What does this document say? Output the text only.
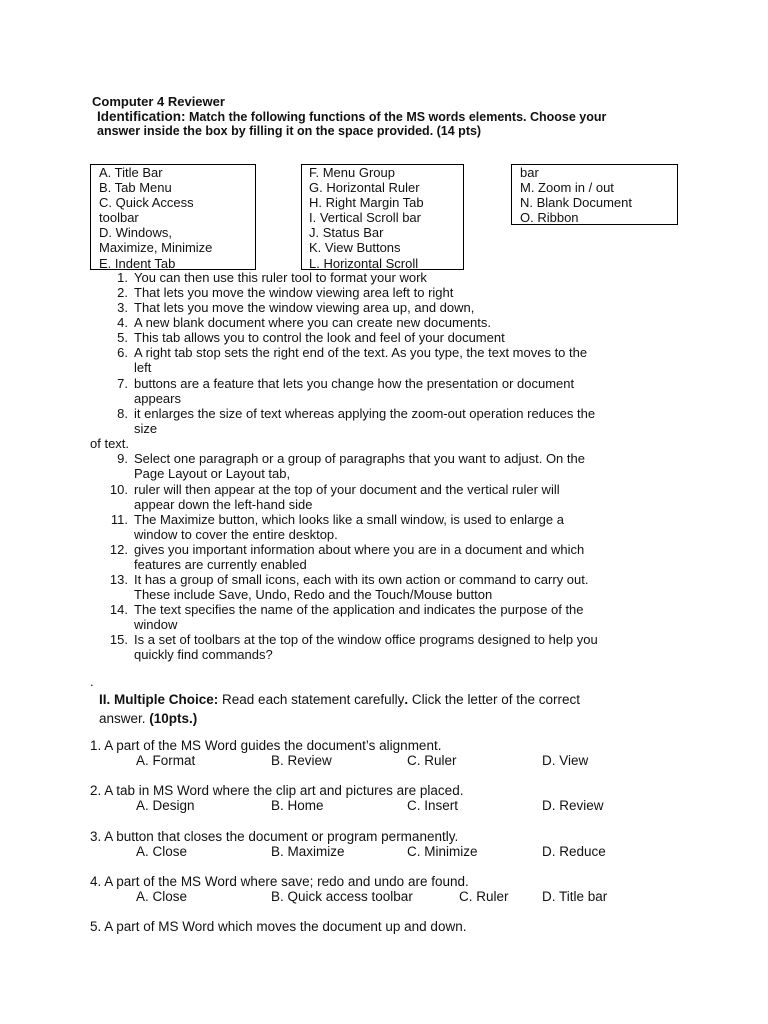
Computer 4 Reviewer
Identification: Match the following functions of the MS words elements. Choose your
answer inside the box by filling it on the space provided. (14 pts)
A. Title Bar
B. Tab Menu
C. Quick Access
toolbar
D. Windows,
Maximize, Minimize
E. Indent Tab
F. Menu Group
G. Horizontal Ruler
H. Right Margin Tab
I. Vertical Scroll bar
J. Status Bar
K. View Buttons
L. Horizontal Scroll
bar
M. Zoom in / out
N. Blank Document
O. Ribbon
1. You can then use this ruler tool to format your work
2. That lets you move the window viewing area left to right
3. That lets you move the window viewing area up, and down,
4. A new blank document where you can create new documents.
5. This tab allows you to control the look and feel of your document
6. A right tab stop sets the right end of the text. As you type, the text moves to the
left
7. buttons are a feature that lets you change how the presentation or document
appears
8. it enlarges the size of text whereas applying the zoom-out operation reduces the
size
of text.
9. Select one paragraph or a group of paragraphs that you want to adjust. On the
Page Layout or Layout tab,
10. ruler will then appear at the top of your document and the vertical ruler will
appear down the left-hand side
11. The Maximize button, which looks like a small window, is used to enlarge a
window to cover the entire desktop.
12. gives you important information about where you are in a document and which
features are currently enabled
13. It has a group of small icons, each with its own action or command to carry out.
These include Save, Undo, Redo and the Touch/Mouse button
14. The text specifies the name of the application and indicates the purpose of the
window
15. Is a set of toolbars at the top of the window office programs designed to help you
quickly find commands?
.
II. Multiple Choice: Read each statement carefully. Click the letter of the correct
answer. (10pts.)
1. A part of the MS Word guides the document’s alignment.
A. Format	B. Review	C. Ruler	D. View
2. A tab in MS Word where the clip art and pictures are placed.
A. Design	B. Home	C. Insert	D. Review
3. A button that closes the document or program permanently.
A. Close	B. Maximize	C. Minimize	D. Reduce
4. A part of the MS Word where save; redo and undo are found.
A. Close	B. Quick access toolbar	C. Ruler D. Title bar
5. A part of MS Word which moves the document up and down.
